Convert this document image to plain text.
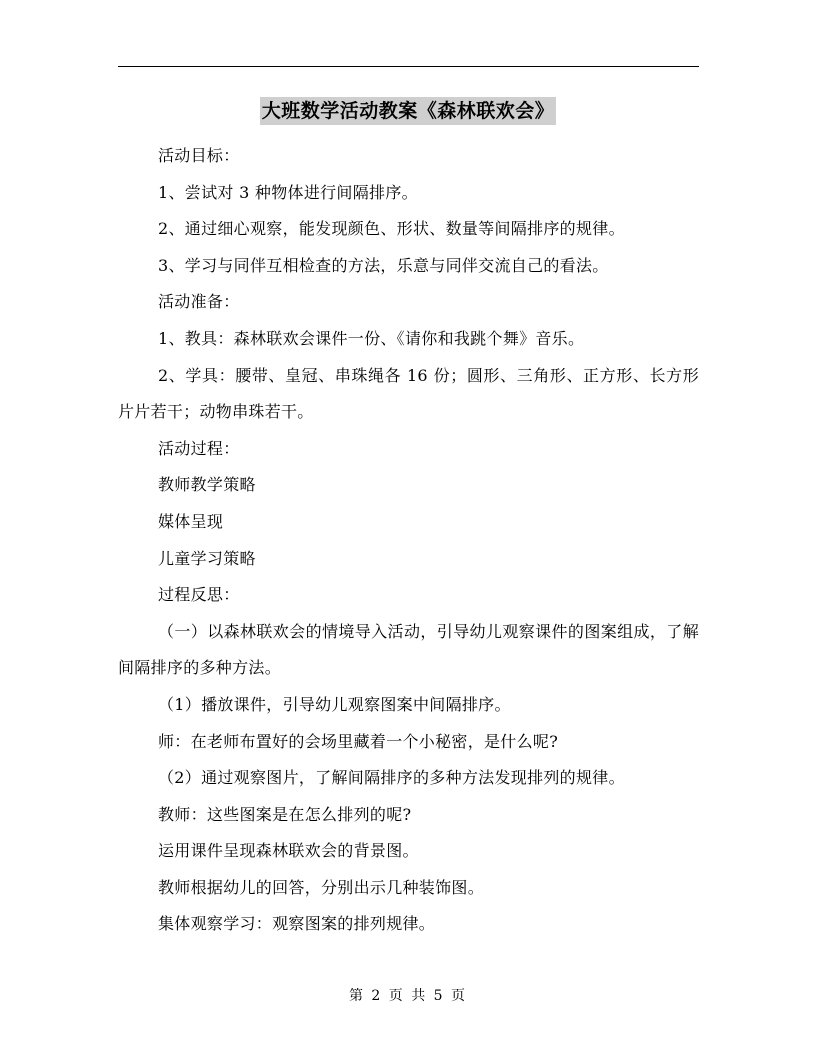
大班数学活动教案《森林联欢会》

活动目标：

1、尝试对 3 种物体进行间隔排序。

2、通过细心观察，能发现颜色、形状、数量等间隔排序的规律。

3、学习与同伴互相检查的方法，乐意与同伴交流自己的看法。

活动准备：

1、教具：森林联欢会课件一份、《请你和我跳个舞》音乐。

2、学具：腰带、皇冠、串珠绳各 16 份；圆形、三角形、正方形、长方形片片若干；动物串珠若干。

活动过程：

教师教学策略

媒体呈现

儿童学习策略

过程反思：

（一）以森林联欢会的情境导入活动，引导幼儿观察课件的图案组成，了解间隔排序的多种方法。

（1）播放课件，引导幼儿观察图案中间隔排序。

师：在老师布置好的会场里藏着一个小秘密，是什么呢?

（2）通过观察图片，了解间隔排序的多种方法发现排列的规律。

教师：这些图案是在怎么排列的呢?

运用课件呈现森林联欢会的背景图。

教师根据幼儿的回答，分别出示几种装饰图。

集体观察学习：观察图案的排列规律。

第 2 页 共 5 页
